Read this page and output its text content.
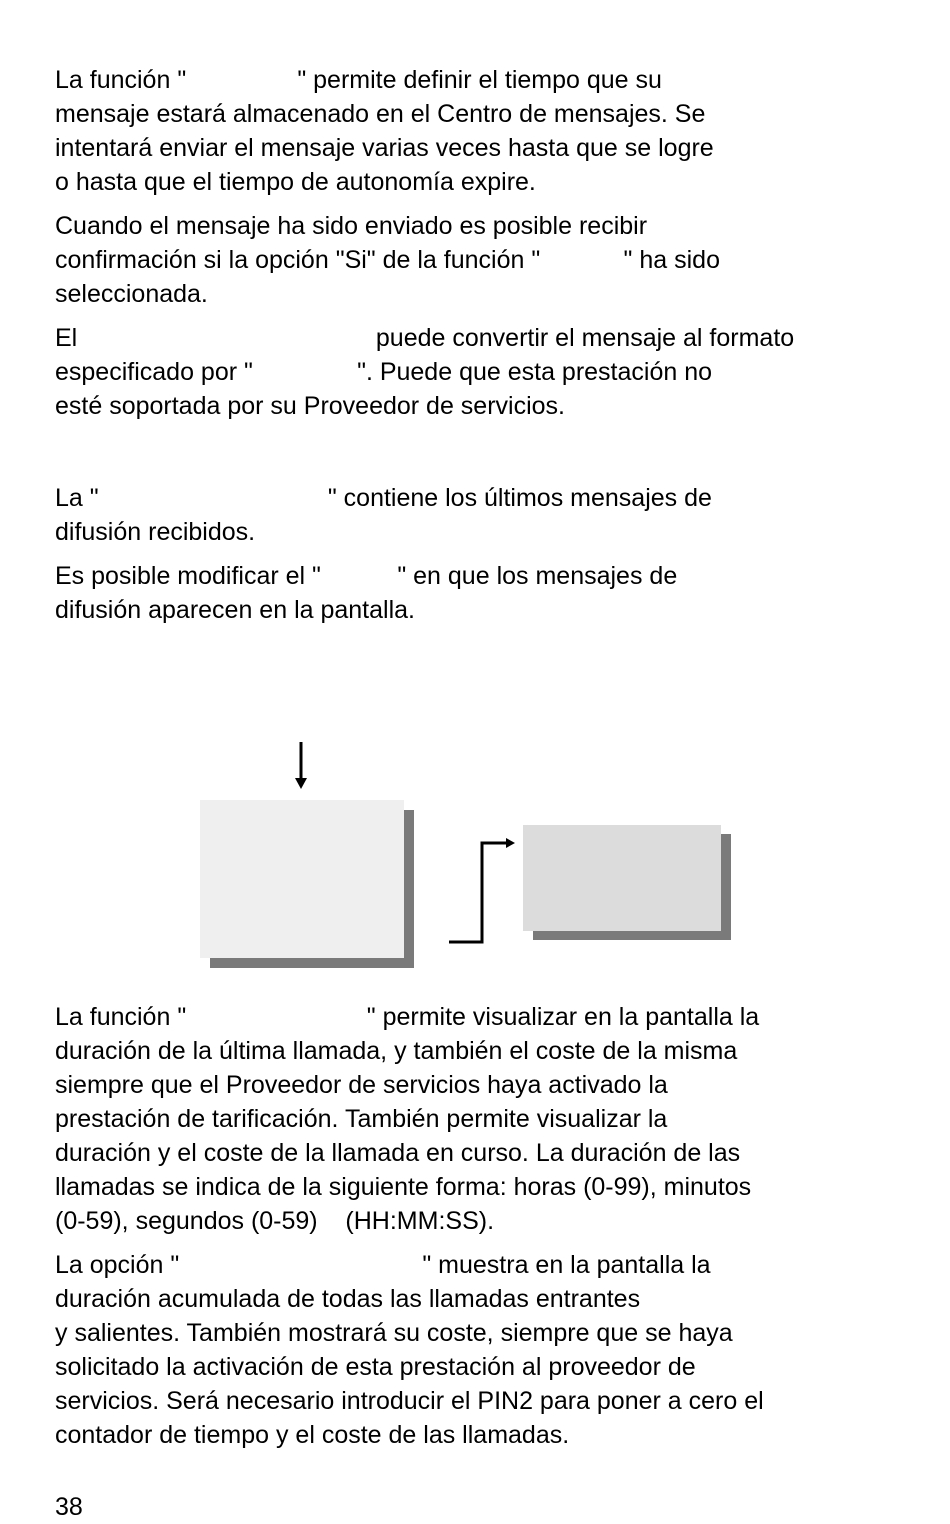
La función "                " permite definir el tiempo que su

mensaje estará almacenado en el Centro de mensajes. Se

intentará enviar el mensaje varias veces hasta que se logre

o hasta que el tiempo de autonomía expire.

Cuando el mensaje ha sido enviado es posible recibir

confirmación si la opción "Si" de la función "            " ha sido

seleccionada.

El                                           puede convertir el mensaje al formato

especificado por "               ". Puede que esta prestación no

esté soportada por su Proveedor de servicios.

La "                                 " contiene los últimos mensajes de

difusión recibidos.

Es posible modificar el "           " en que los mensajes de

difusión aparecen en la pantalla.

La función "                          " permite visualizar en la pantalla la

duración de la última llamada, y también el coste de la misma

siempre que el Proveedor de servicios haya activado la

prestación de tarificación. También permite visualizar la

duración y el coste de la llamada en curso. La duración de las

llamadas se indica de la siguiente forma: horas (0-99), minutos

(0-59), segundos (0-59)    (HH:MM:SS).

La opción "                                   " muestra en la pantalla la

duración acumulada de todas las llamadas entrantes

y salientes. También mostrará su coste, siempre que se haya

solicitado la activación de esta prestación al proveedor de

servicios. Será necesario introducir el PIN2 para poner a cero el

contador de tiempo y el coste de las llamadas.

38
